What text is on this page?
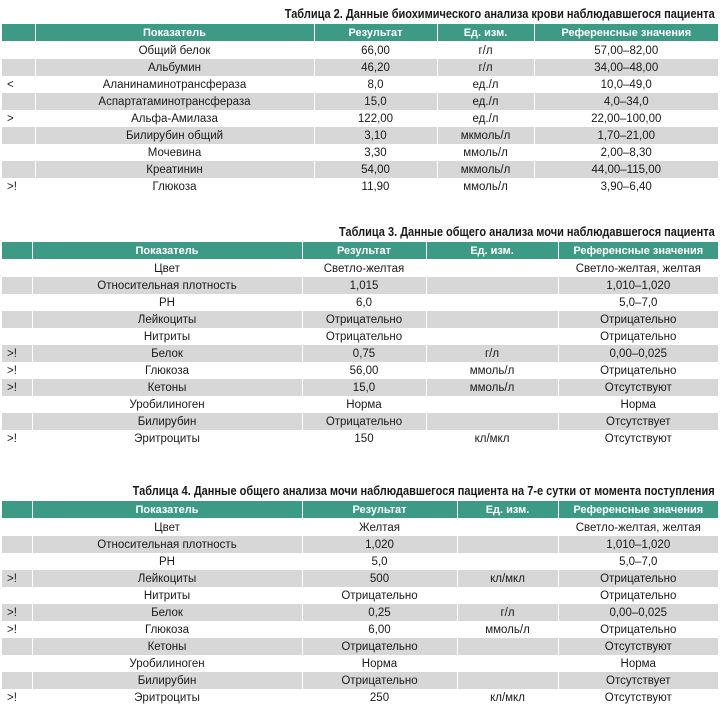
Таблица 2. Данные биохимического анализа крови наблюдавшегося пациента
	Показатель	Результат	Ед. изм.	Референсные значения
	Общий белок	66,00	г/л	57,00–82,00
	Альбумин	46,20	г/л	34,00–48,00
<	Аланинаминотрансфераза	8,0	ед./л	10,0–49,0
	Аспартатаминотрансфераза	15,0	ед./л	4,0–34,0
>	Альфа-Амилаза	122,00	ед./л	22,00–100,00
	Билирубин общий	3,10	мкмоль/л	1,70–21,00
	Мочевина	3,30	ммоль/л	2,00–8,30
	Креатинин	54,00	мкмоль/л	44,00–115,00
>!	Глюкоза	11,90	ммоль/л	3,90–6,40
Таблица 3. Данные общего анализа мочи наблюдавшегося пациента
	Показатель	Результат	Ед. изм.	Референсные значения
	Цвет	Светло-желтая		Светло-желтая, желтая
	Относительная плотность	1,015		1,010–1,020
	PH	6,0		5,0–7,0
	Лейкоциты	Отрицательно		Отрицательно
	Нитриты	Отрицательно		Отрицательно
>!	Белок	0,75	г/л	0,00–0,025
>!	Глюкоза	56,00	ммоль/л	Отрицательно
>!	Кетоны	15,0	ммоль/л	Отсутствуют
	Уробилиноген	Норма		Норма
	Билирубин	Отрицательно		Отсутствует
>!	Эритроциты	150	кл/мкл	Отсутствуют
Таблица 4. Данные общего анализа мочи наблюдавшегося пациента на 7-е сутки от момента поступления
	Показатель	Результат	Ед. изм.	Референсные значения
	Цвет	Желтая		Светло-желтая, желтая
	Относительная плотность	1,020		1,010–1,020
	PH	5,0		5,0–7,0
>!	Лейкоциты	500	кл/мкл	Отрицательно
	Нитриты	Отрицательно		Отрицательно
>!	Белок	0,25	г/л	0,00–0,025
>!	Глюкоза	6,00	ммоль/л	Отрицательно
	Кетоны	Отрицательно		Отсутствуют
	Уробилиноген	Норма		Норма
	Билирубин	Отрицательно		Отсутствует
>!	Эритроциты	250	кл/мкл	Отсутствуют
